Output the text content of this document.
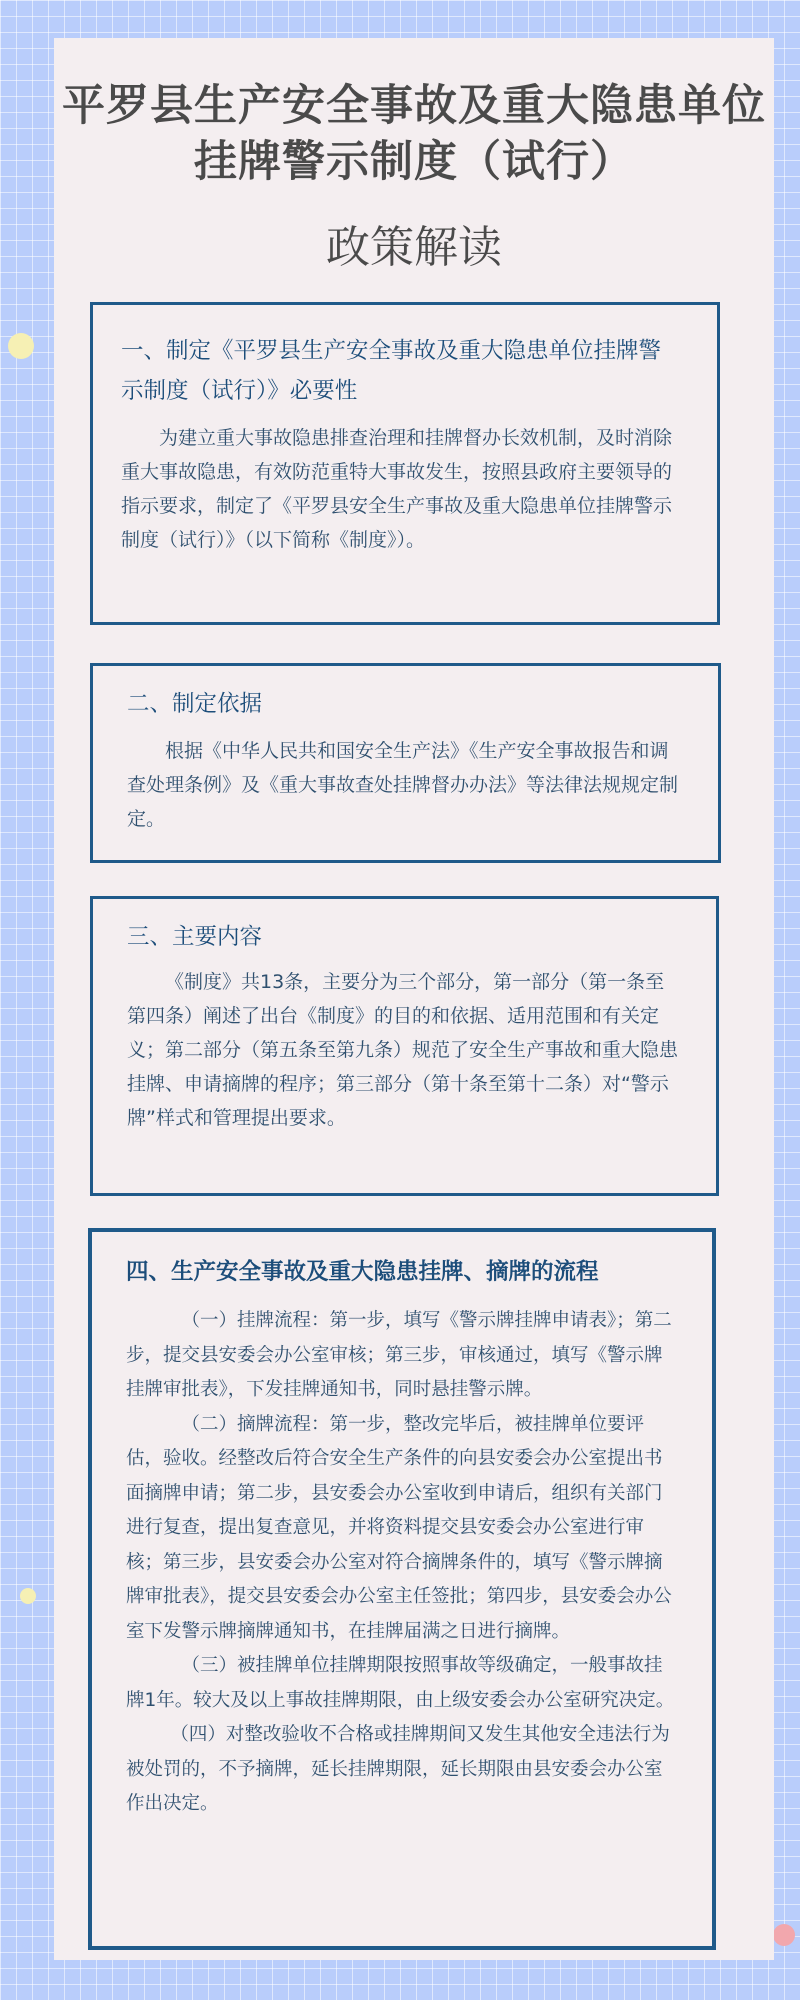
平罗县生产安全事故及重大隐患单位
挂牌警示制度（试行）
政策解读
一、制定《平罗县生产安全事故及重大隐患单位挂牌警示制度（试行）》必要性

为建立重大事故隐患排查治理和挂牌督办长效机制，及时消除重大事故隐患，有效防范重特大事故发生，按照县政府主要领导的指示要求，制定了《平罗县安全生产事故及重大隐患单位挂牌警示制度（试行）》（以下简称《制度》）。

二、制定依据

根据《中华人民共和国安全生产法》《生产安全事故报告和调查处理条例》及《重大事故查处挂牌督办办法》等法律法规规定制定。

三、主要内容

《制度》共13条，主要分为三个部分，第一部分（第一条至第四条）阐述了出台《制度》的目的和依据、适用范围和有关定义；第二部分（第五条至第九条）规范了安全生产事故和重大隐患挂牌、申请摘牌的程序；第三部分（第十条至第十二条）对“警示牌”样式和管理提出要求。

四、生产安全事故及重大隐患挂牌、摘牌的流程

（一）挂牌流程：第一步，填写《警示牌挂牌申请表》；第二步，提交县安委会办公室审核；第三步，审核通过，填写《警示牌挂牌审批表》，下发挂牌通知书，同时悬挂警示牌。

（二）摘牌流程：第一步，整改完毕后，被挂牌单位要评估，验收。经整改后符合安全生产条件的向县安委会办公室提出书面摘牌申请；第二步，县安委会办公室收到申请后，组织有关部门进行复查，提出复查意见，并将资料提交县安委会办公室进行审核；第三步，县安委会办公室对符合摘牌条件的，填写《警示牌摘牌审批表》，提交县安委会办公室主任签批；第四步，县安委会办公室下发警示牌摘牌通知书，在挂牌届满之日进行摘牌。

（三）被挂牌单位挂牌期限按照事故等级确定，一般事故挂牌1年。较大及以上事故挂牌期限，由上级安委会办公室研究决定。

（四）对整改验收不合格或挂牌期间又发生其他安全违法行为被处罚的，不予摘牌，延长挂牌期限，延长期限由县安委会办公室作出决定。
